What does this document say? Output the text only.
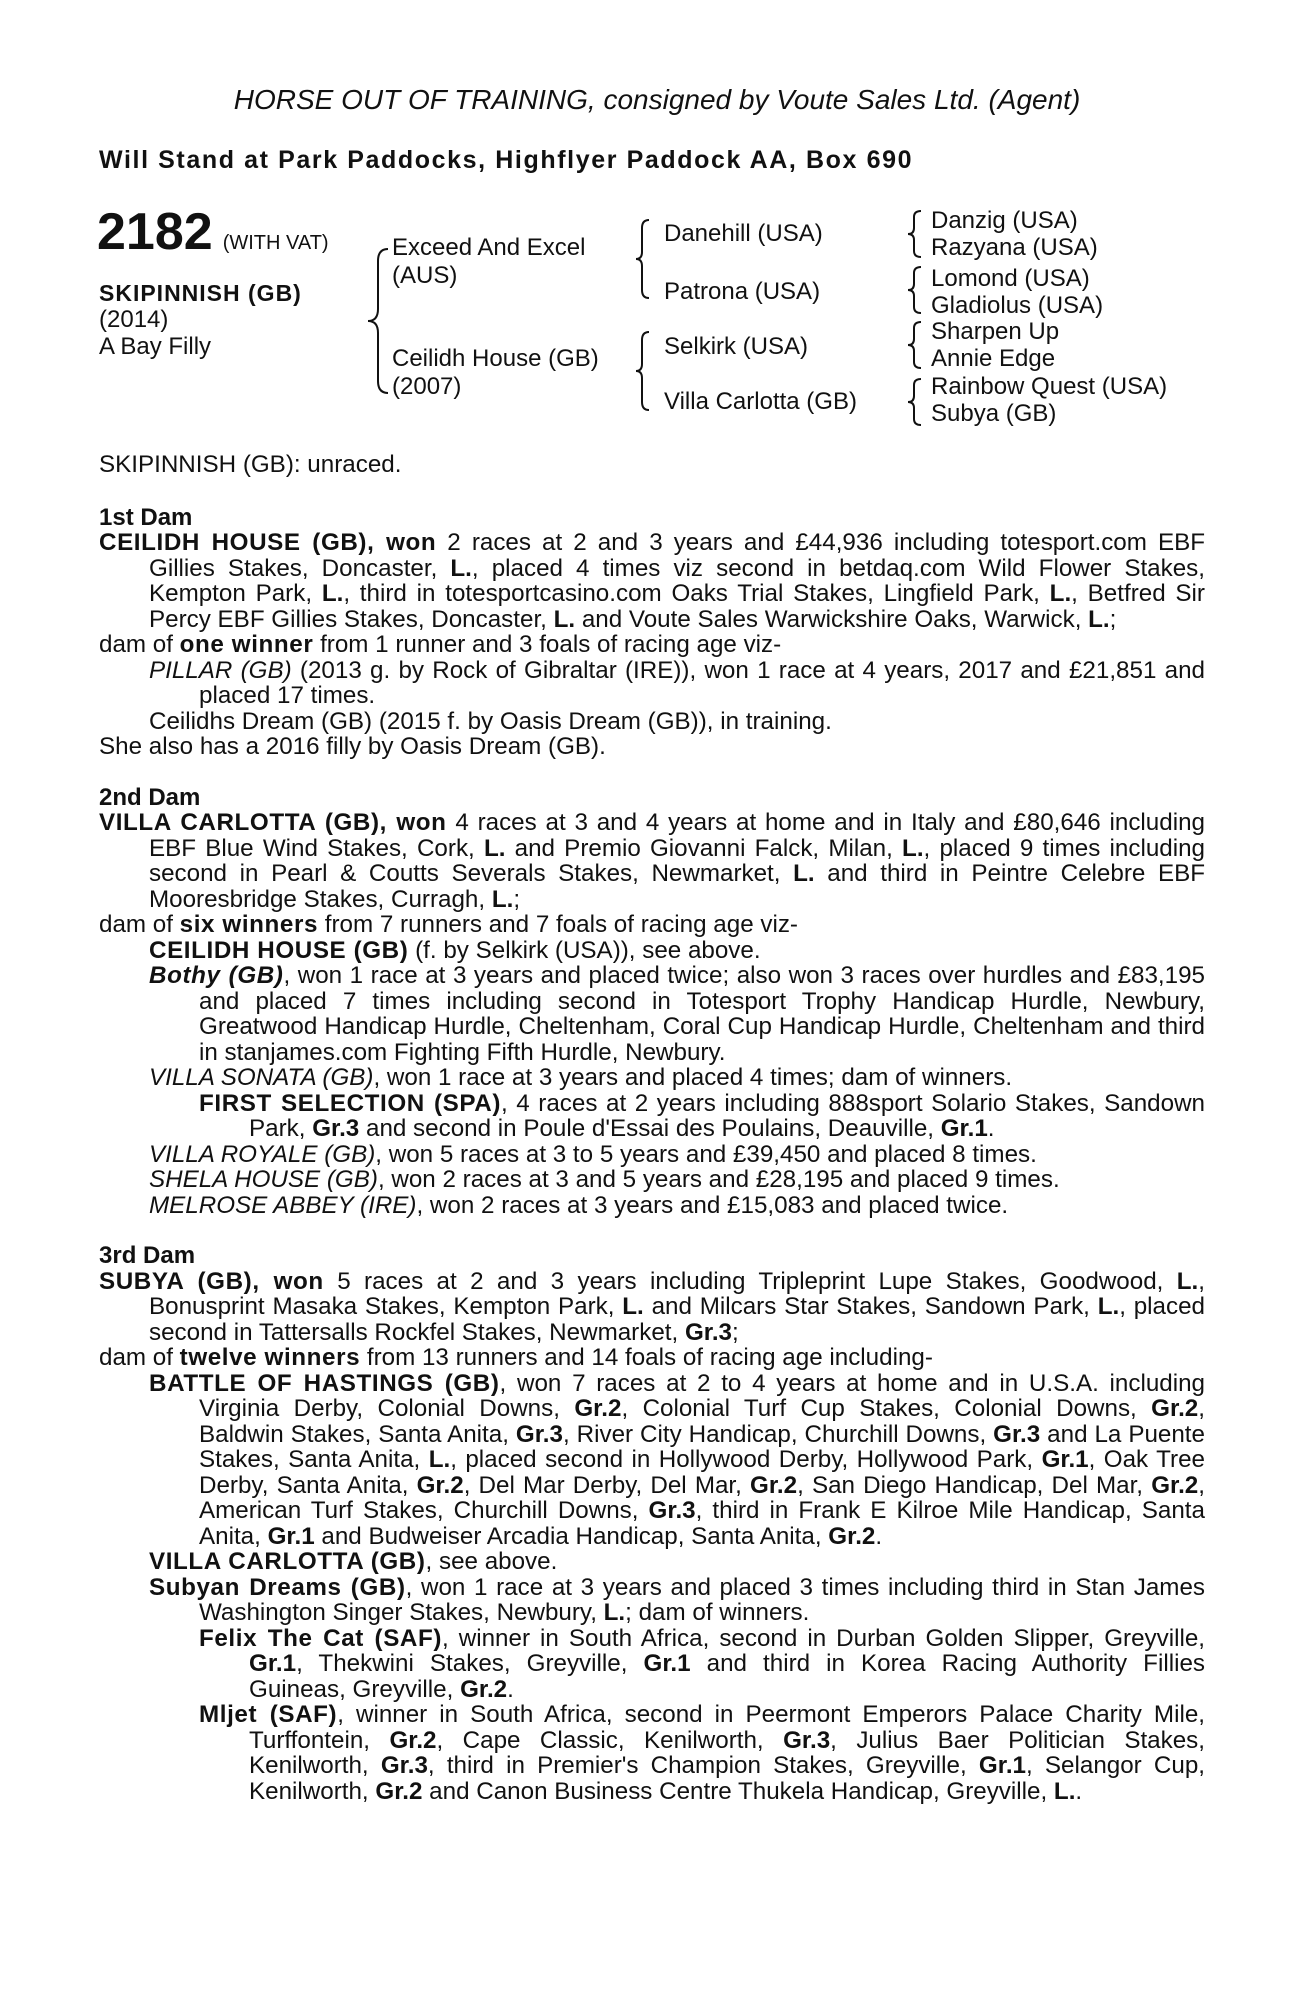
HORSE OUT OF TRAINING, consigned by Voute Sales Ltd. (Agent)
Will Stand at Park Paddocks, Highflyer Paddock AA, Box 690
2182 (WITH VAT)
SKIPINNISH (GB)
(2014)
A Bay Filly
Exceed And Excel
(AUS)
Ceilidh House (GB)
(2007)
Danehill (USA)
Patrona (USA)
Selkirk (USA)
Villa Carlotta (GB)
Danzig (USA)
Razyana (USA)
Lomond (USA)
Gladiolus (USA)
Sharpen Up
Annie Edge
Rainbow Quest (USA)
Subya (GB)

SKIPINNISH (GB): unraced.

1st Dam

CEILIDH HOUSE (GB), won 2 races at 2 and 3 years and £44,936 including totesport.com EBF Gillies Stakes, Doncaster, L., placed 4 times viz second in betdaq.com Wild Flower Stakes, Kempton Park, L., third in totesportcasino.com Oaks Trial Stakes, Lingfield Park, L., Betfred Sir Percy EBF Gillies Stakes, Doncaster, L. and Voute Sales Warwickshire Oaks, Warwick, L.;

dam of one winner from 1 runner and 3 foals of racing age viz-

PILLAR (GB) (2013 g. by Rock of Gibraltar (IRE)), won 1 race at 4 years, 2017 and £21,851 and placed 17 times.

Ceilidhs Dream (GB) (2015 f. by Oasis Dream (GB)), in training.

She also has a 2016 filly by Oasis Dream (GB).

2nd Dam

VILLA CARLOTTA (GB), won 4 races at 3 and 4 years at home and in Italy and £80,646 including EBF Blue Wind Stakes, Cork, L. and Premio Giovanni Falck, Milan, L., placed 9 times including second in Pearl & Coutts Severals Stakes, Newmarket, L. and third in Peintre Celebre EBF Mooresbridge Stakes, Curragh, L.;

dam of six winners from 7 runners and 7 foals of racing age viz-

CEILIDH HOUSE (GB) (f. by Selkirk (USA)), see above.

Bothy (GB), won 1 race at 3 years and placed twice; also won 3 races over hurdles and £83,195 and placed 7 times including second in Totesport Trophy Handicap Hurdle, Newbury, Greatwood Handicap Hurdle, Cheltenham, Coral Cup Handicap Hurdle, Cheltenham and third in stanjames.com Fighting Fifth Hurdle, Newbury.

VILLA SONATA (GB), won 1 race at 3 years and placed 4 times; dam of winners.

FIRST SELECTION (SPA), 4 races at 2 years including 888sport Solario Stakes, Sandown Park, Gr.3 and second in Poule d'Essai des Poulains, Deauville, Gr.1.

VILLA ROYALE (GB), won 5 races at 3 to 5 years and £39,450 and placed 8 times.

SHELA HOUSE (GB), won 2 races at 3 and 5 years and £28,195 and placed 9 times.

MELROSE ABBEY (IRE), won 2 races at 3 years and £15,083 and placed twice.

3rd Dam

SUBYA (GB), won 5 races at 2 and 3 years including Tripleprint Lupe Stakes, Goodwood, L., Bonusprint Masaka Stakes, Kempton Park, L. and Milcars Star Stakes, Sandown Park, L., placed second in Tattersalls Rockfel Stakes, Newmarket, Gr.3;

dam of twelve winners from 13 runners and 14 foals of racing age including-

BATTLE OF HASTINGS (GB), won 7 races at 2 to 4 years at home and in U.S.A. including Virginia Derby, Colonial Downs, Gr.2, Colonial Turf Cup Stakes, Colonial Downs, Gr.2, Baldwin Stakes, Santa Anita, Gr.3, River City Handicap, Churchill Downs, Gr.3 and La Puente Stakes, Santa Anita, L., placed second in Hollywood Derby, Hollywood Park, Gr.1, Oak Tree Derby, Santa Anita, Gr.2, Del Mar Derby, Del Mar, Gr.2, San Diego Handicap, Del Mar, Gr.2, American Turf Stakes, Churchill Downs, Gr.3, third in Frank E Kilroe Mile Handicap, Santa Anita, Gr.1 and Budweiser Arcadia Handicap, Santa Anita, Gr.2.

VILLA CARLOTTA (GB), see above.

Subyan Dreams (GB), won 1 race at 3 years and placed 3 times including third in Stan James Washington Singer Stakes, Newbury, L.; dam of winners.

Felix The Cat (SAF), winner in South Africa, second in Durban Golden Slipper, Greyville, Gr.1, Thekwini Stakes, Greyville, Gr.1 and third in Korea Racing Authority Fillies Guineas, Greyville, Gr.2.

Mljet (SAF), winner in South Africa, second in Peermont Emperors Palace Charity Mile, Turffontein, Gr.2, Cape Classic, Kenilworth, Gr.3, Julius Baer Politician Stakes, Kenilworth, Gr.3, third in Premier's Champion Stakes, Greyville, Gr.1, Selangor Cup, Kenilworth, Gr.2 and Canon Business Centre Thukela Handicap, Greyville, L..
